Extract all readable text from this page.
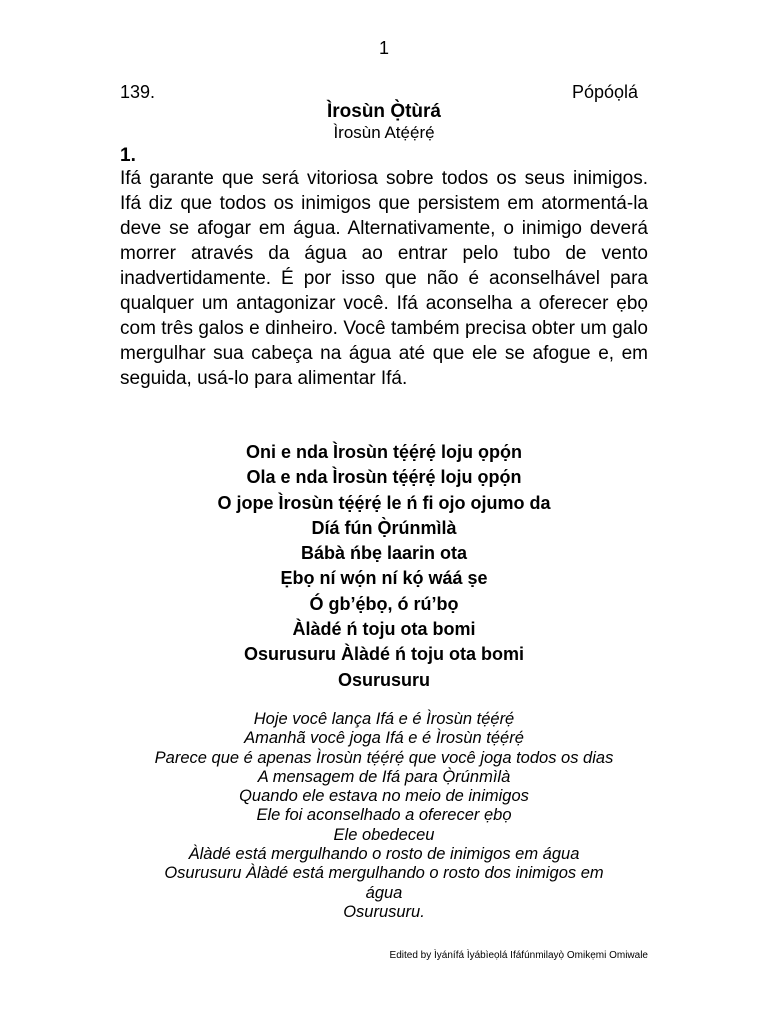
1
139.	Pópóọlá
Ìrosùn Ọ̀tùrá
Ìrosùn Atẹ́ẹ́rẹ́
1.

Ifá garante que será vitoriosa sobre todos os seus inimigos. Ifá diz que todos os inimigos que persistem em atormentá-la deve se afogar em água. Alternativamente, o inimigo deverá morrer através da água ao entrar pelo tubo de vento inadvertidamente. É por isso que não é aconselhável para qualquer um antagonizar você. Ifá aconselha a oferecer ẹbọ com três galos e dinheiro. Você também precisa obter um galo mergulhar sua cabeça na água até que ele se afogue e, em seguida, usá-lo para alimentar Ifá.

Oni e nda Ìrosùn tẹ́ẹ́rẹ́ loju ọpọ́n
Ola e nda Ìrosùn tẹ́ẹ́rẹ́ loju ọpọ́n
O jope Ìrosùn tẹ́ẹ́rẹ́ le ń fi ojo ojumo da
Díá fún Ọ̀rúnmìlà
Bábà ńbẹ laarin ota
Ẹbọ ní wọ́n ní kọ́ wáá ṣe
Ó gb’ẹ́bọ, ó rú’bọ
Àlàdé ń toju ota bomi
Osurusuru Àlàdé ń toju ota bomi
Osurusuru
Hoje você lança Ifá e é Ìrosùn tẹ́ẹ́rẹ́
Amanhã você joga Ifá e é Ìrosùn tẹ́ẹ́rẹ́
Parece que é apenas Ìrosùn tẹ́ẹ́rẹ́ que você joga todos os dias
A mensagem de Ifá para Ọ̀rúnmìlà
Quando ele estava no meio de inimigos
Ele foi aconselhado a oferecer ẹbọ
Ele obedeceu
Àlàdé está mergulhando o rosto de inimigos em água
Osurusuru Àlàdé está mergulhando o rosto dos inimigos em
água
Osurusuru.
Edited by Ìyánífá Ìyábìeọlá Ifáfúnmilayọ̀ Omikẹmi Omiwale
